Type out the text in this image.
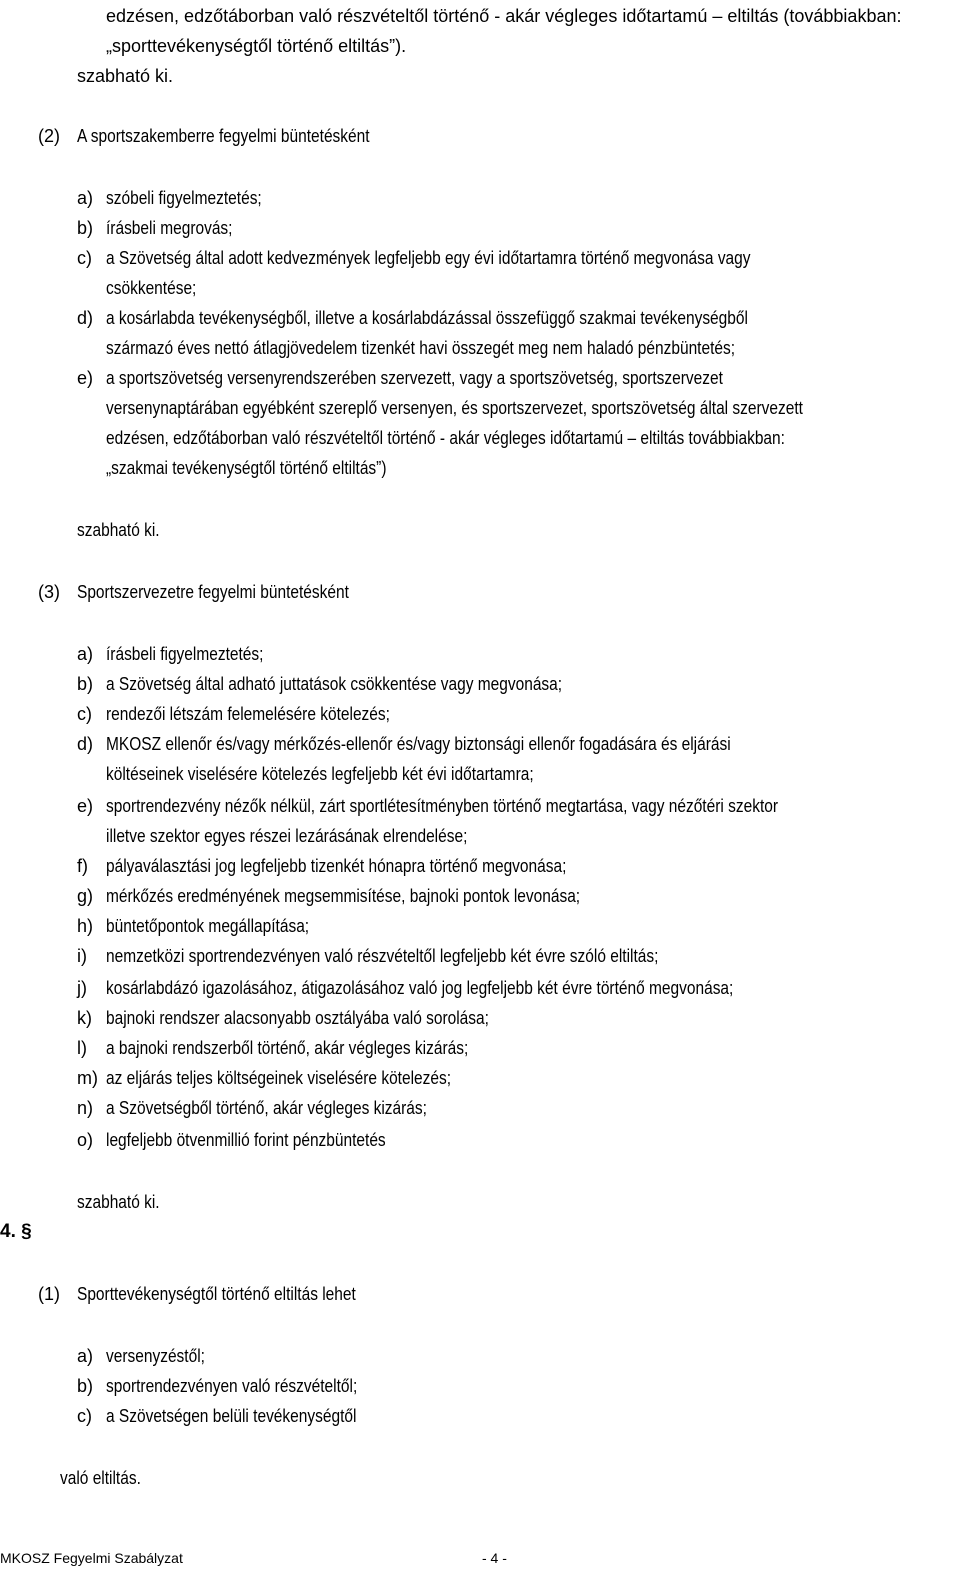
edzésen, edzőtáborban való részvételtől történő - akár végleges időtartamú – eltiltás (továbbiakban:
„sporttevékenységtől történő eltiltás”).
szabható ki.
(2) A sportszakemberre fegyelmi büntetésként
a) szóbeli figyelmeztetés;
b) írásbeli megrovás;
c) a Szövetség által adott kedvezmények legfeljebb egy évi időtartamra történő megvonása vagy
csökkentése;
d) a kosárlabda tevékenységből, illetve a kosárlabdázással összefüggő szakmai tevékenységből
származó éves nettó átlagjövedelem tizenkét havi összegét meg nem haladó pénzbüntetés;
e) a sportszövetség versenyrendszerében szervezett, vagy a sportszövetség, sportszervezet
versenynaptárában egyébként szereplő versenyen, és sportszervezet, sportszövetség által szervezett
edzésen, edzőtáborban való részvételtől történő - akár végleges időtartamú – eltiltás továbbiakban:
„szakmai tevékenységtől történő eltiltás”)
szabható ki.
(3) Sportszervezetre fegyelmi büntetésként
a) írásbeli figyelmeztetés;
b) a Szövetség által adható juttatások csökkentése vagy megvonása;
c) rendezői létszám felemelésére kötelezés;
d) MKOSZ ellenőr és/vagy mérkőzés-ellenőr és/vagy biztonsági ellenőr fogadására és eljárási
költéseinek viselésére kötelezés legfeljebb két évi időtartamra;
e) sportrendezvény nézők nélkül, zárt sportlétesítményben történő megtartása, vagy nézőtéri szektor
illetve szektor egyes részei lezárásának elrendelése;
f) pályaválasztási jog legfeljebb tizenkét hónapra történő megvonása;
g) mérkőzés eredményének megsemmisítése, bajnoki pontok levonása;
h) büntetőpontok megállapítása;
i) nemzetközi sportrendezvényen való részvételtől legfeljebb két évre szóló eltiltás;
j) kosárlabdázó igazolásához, átigazolásához való jog legfeljebb két évre történő megvonása;
k) bajnoki rendszer alacsonyabb osztályába való sorolása;
l) a bajnoki rendszerből történő, akár végleges kizárás;
m) az eljárás teljes költségeinek viselésére kötelezés;
n) a Szövetségből történő, akár végleges kizárás;
o) legfeljebb ötvenmillió forint pénzbüntetés
szabható ki.
4. §
(1) Sporttevékenységtől történő eltiltás lehet
a) versenyzéstől;
b) sportrendezvényen való részvételtől;
c) a Szövetségen belüli tevékenységtől
való eltiltás.
MKOSZ Fegyelmi Szabályzat	- 4 -
